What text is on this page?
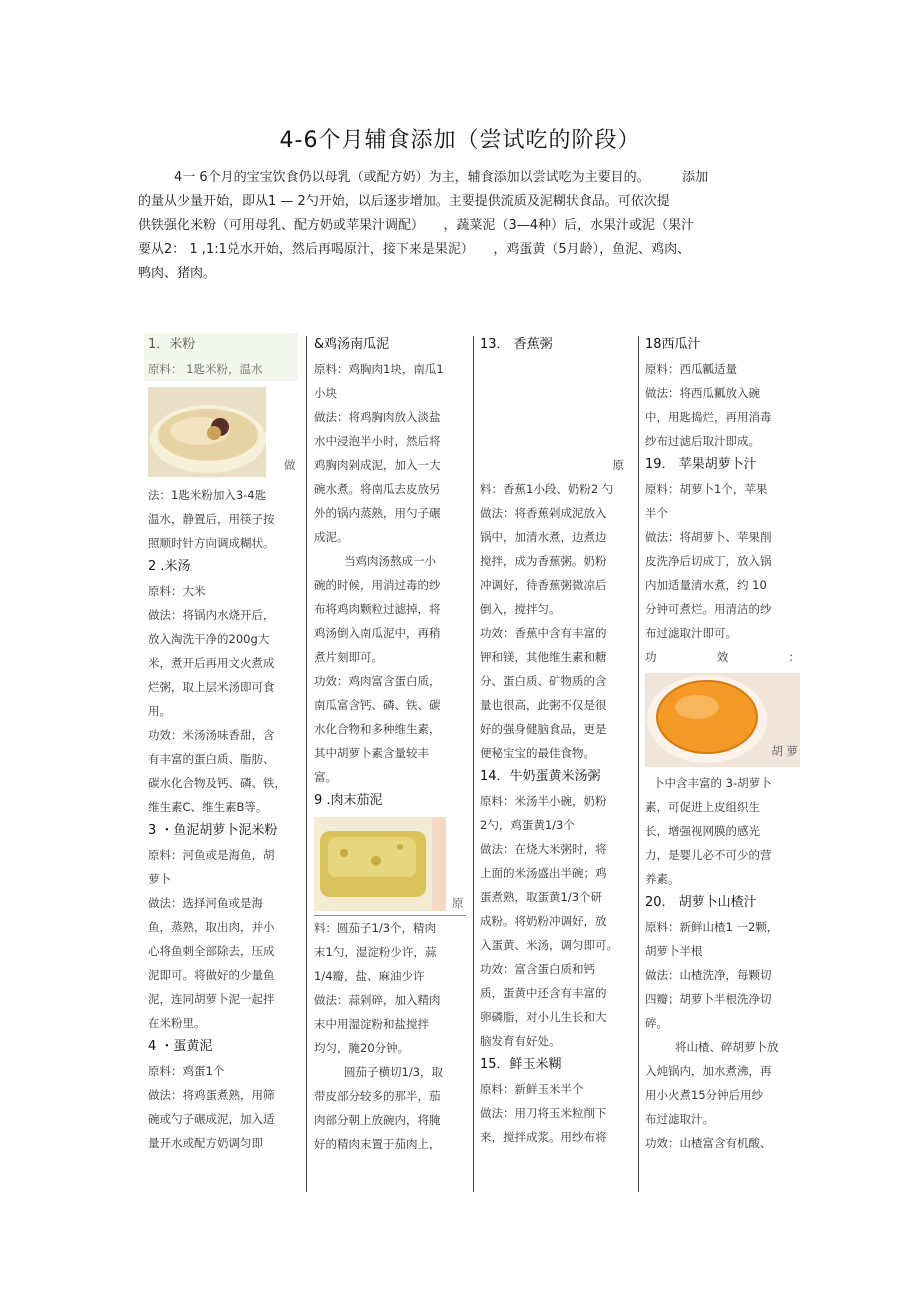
4-6个月辅食添加（尝试吃的阶段）

4一 6个月的宝宝饮食仍以母乳（或配方奶）为主，辅食添加以尝试吃为主要目的。　　　添加

的量从少量开始，即从1 — 2勺开始，以后逐步增加。主要提供流质及泥糊状食品。可依次提

供铁强化米粉（可用母乳、配方奶或苹果汁调配）　　，蔬菜泥（3—4种）后，水果汁或泥（果汁

要从2： 1 ,1:1兑水开始，然后再喝原汁，接下来是果泥）　　，鸡蛋黄（5月龄），鱼泥、鸡肉、

鸭肉、猪肉。

1．米粉
原料： 1匙米粉，温水
做
法：1匙米粉加入3-4匙
温水，静置后，用筷子按
照顺时针方向调成糊状。
2 .米汤
原料：大米
做法：将锅内水烧开后，
放入淘洗干净的200g大
米，煮开后再用文火煮成
烂粥，取上层米汤即可食
用。
功效：米汤汤味香甜，含
有丰富的蛋白质、脂肪、
碳水化合物及钙、磷、铁，
维生素C、维生素B等。
3 ・鱼泥胡萝卜泥米粉
原料：河鱼或是海鱼，胡
萝卜
做法：选择河鱼或是海
鱼，蒸熟，取出肉，并小
心将鱼刺全部除去，压成
泥即可。将做好的少量鱼
泥，连同胡萝卜泥一起拌
在米粉里。
4 ・蛋黄泥
原料：鸡蛋1个
做法：将鸡蛋煮熟，用筛
碗或勺子碾成泥，加入适
量开水或配方奶调匀即
&鸡汤南瓜泥
原料：鸡胸肉1块，南瓜1
小块
做法：将鸡胸肉放入淡盐
水中浸泡半小时，然后将
鸡胸肉剁成泥，加入一大
碗水煮。将南瓜去皮放另
外的锅内蒸熟，用勺子碾
成泥。
当鸡肉汤熬成一小
碗的时候，用消过毒的纱
布将鸡肉颗粒过滤掉，将
鸡汤倒入南瓜泥中，再稍
煮片刻即可。
功效：鸡肉富含蛋白质，
南瓜富含钙、磷、铁、碳
水化合物和多种维生素，
其中胡萝卜素含量较丰
富。
9 .肉末茄泥
原
料：圆茄子1/3个，精肉
末1勺，湿淀粉少许，蒜
1/4瓣，盐、麻油少许
做法：蒜剁碎，加入精肉
末中用湿淀粉和盐搅拌
均匀，腌20分钟。
圆茄子横切1/3，取
带皮部分较多的那半，茄
肉部分朝上放碗内，将腌
好的精肉末置于茄肉上，
13． 香蕉粥
原
料：香蕉1小段、奶粉2 勺
做法：将香蕉剁成泥放入
锅中，加清水煮，边煮边
搅拌，成为香蕉粥。奶粉
冲调好，待香蕉粥微凉后
倒入，搅拌匀。
功效：香蕉中含有丰富的
钾和镁，其他维生素和糖
分、蛋白质、矿物质的含
量也很高，此粥不仅是很
好的强身健脑食品，更是
便秘宝宝的最佳食物。
14．牛奶蛋黄米汤粥
原料：米汤半小碗，奶粉
2勺，鸡蛋黄1/3个
做法：在烧大米粥时，将
上面的米汤盛出半碗；鸡
蛋煮熟，取蛋黄1/3个研
成粉。将奶粉冲调好，放
入蛋黄、米汤，调匀即可。
功效：富含蛋白质和钙
质，蛋黄中还含有丰富的
卵磷脂，对小儿生长和大
脑发育有好处。
15．鲜玉米糊
原料：新鲜玉米半个
做法：用刀将玉米粒削下
来，搅拌成浆。用纱布将
18西瓜汁
原料：西瓜瓤适量
做法：将西瓜瓤放入碗
中，用匙捣烂，再用消毒
纱布过滤后取汁即成。
19． 苹果胡萝卜汁
原料：胡萝卜1个，苹果
半个
做法：将胡萝卜、苹果削
皮洗净后切成丁，放入锅
内加适量清水煮，约 10
分钟可煮烂。用清洁的纱
布过滤取汁即可。
功	效	：
胡 萝
卜中含丰富的 3-胡萝卜
素，可促进上皮组织生
长，增强视网膜的感光
力，是婴儿必不可少的营
养素。
20． 胡萝卜山楂汁
原料：新鲜山楂1 一2颗，
胡萝卜半根
做法：山楂洗净，每颗切
四瓣；胡萝卜半根洗净切
碎。
将山楂、碎胡萝卜放
入炖锅内，加水煮沸，再
用小火煮15分钟后用纱
布过滤取汁。
功效：山楂富含有机酸、
